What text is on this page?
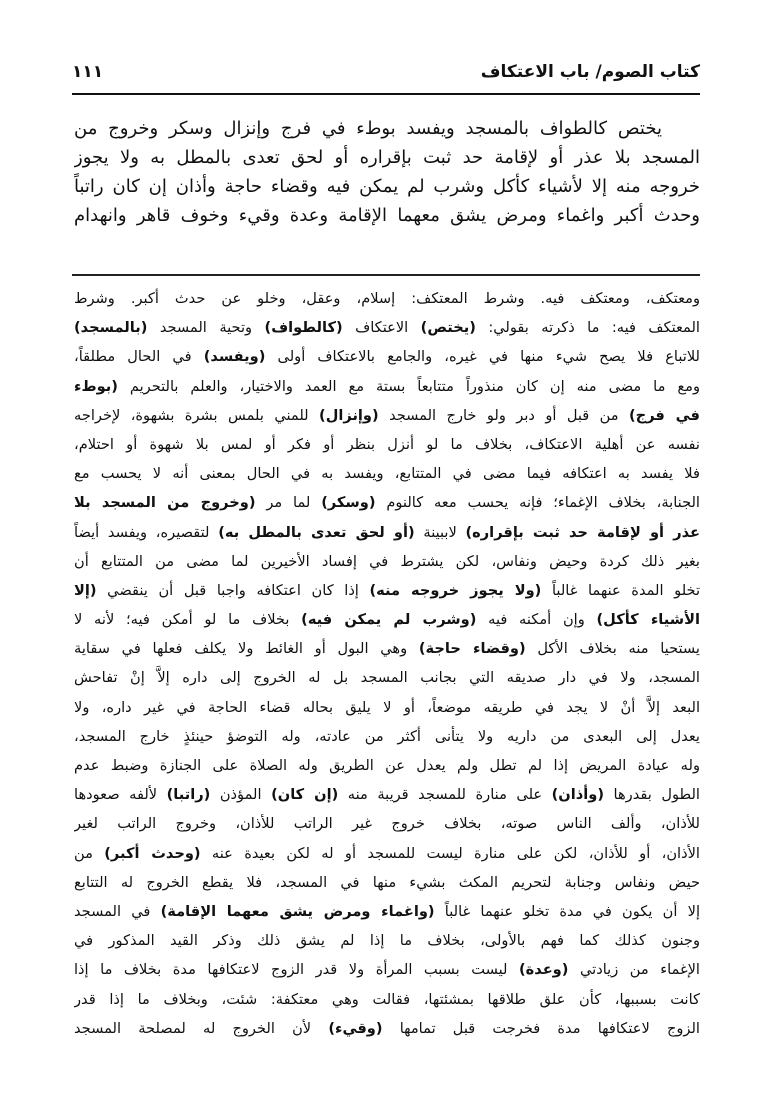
كتاب الصوم/ باب الاعتكاف
١١١
يختص كالطواف بالمسجد ويفسد بوطء في فرج وإنزال وسكر وخروج من
المسجد بلا عذر أو لإقامة حد ثبت بإقراره أو لحق تعدى بالمطل به ولا يجوز
خروجه منه إلا لأشياء كأكل وشرب لم يمكن فيه وقضاء حاجة وأذان إن كان راتباً
وحدث أكبر واغماء ومرض يشق معهما الإقامة وعدة وقيء وخوف قاهر وانهدام
ومعتكف، ومعتكف فيه. وشرط المعتكف: إسلام، وعقل، وخلو عن حدث أكبر. وشرط
المعتكف فيه: ما ذكرته بقولي: (يختص) الاعتكاف (كالطواف) وتحية المسجد (بالمسجد)
للاتباع فلا يصح شيء منها في غيره، والجامع بالاعتكاف أولى (ويفسد) في الحال مطلقاً،
ومع ما مضى منه إن كان منذوراً متتابعاً بستة مع العمد والاختيار، والعلم بالتحريم (بوطء
في فرج) من قبل أو دبر ولو خارج المسجد (وإنزال) للمني بلمس بشرة بشهوة، لإخراجه
نفسه عن أهلية الاعتكاف، بخلاف ما لو أنزل بنظر أو فكر أو لمس بلا شهوة أو احتلام،
فلا يفسد به اعتكافه فيما مضى في المتتابع، ويفسد به في الحال بمعنى أنه لا يحسب مع
الجنابة، بخلاف الإغماء؛ فإنه يحسب معه كالنوم (وسكر) لما مر (وخروج من المسجد بلا
عذر أو لإقامة حد ثبت بإقراره) لاببينة (أو لحق تعدى بالمطل به) لتقصيره، ويفسد أيضاً
بغير ذلك كردة وحيض ونفاس، لكن يشترط في إفساد الأخيرين لما مضى من المتتابع أن
تخلو المدة عنهما غالباً (ولا يجوز خروجه منه) إذا كان اعتكافه واجبا قبل أن ينقضي (إلا
الأشياء كأكل) وإن أمكنه فيه (وشرب لم يمكن فيه) بخلاف ما لو أمكن فيه؛ لأنه لا
يستحيا منه بخلاف الأكل (وقضاء حاجة) وهي البول أو الغائط ولا يكلف فعلها في سقاية
المسجد، ولا في دار صديقه التي بجانب المسجد بل له الخروج إلى داره إلاَّ إنْ تفاحش
البعد إلاَّ أنْ لا يجد في طريقه موضعاً، أو لا يليق بحاله قضاء الحاجة في غير داره، ولا
يعدل إلى البعدى من داريه ولا يتأنى أكثر من عادته، وله التوضؤ حينئذٍ خارج المسجد،
وله عيادة المريض إذا لم تطل ولم يعدل عن الطريق وله الصلاة على الجنازة وضبط عدم
الطول بقدرها (وأذان) على منارة للمسجد قريبة منه (إن كان) المؤذن (راتبا) لألفه صعودها
للأذان، وألف الناس صوته، بخلاف خروج غير الراتب للأذان، وخروج الراتب لغير
الأذان، أو للأذان، لكن على منارة ليست للمسجد أو له لكن بعيدة عنه (وحدث أكبر) من
حيض ونفاس وجنابة لتحريم المكث بشيء منها في المسجد، فلا يقطع الخروج له التتابع
إلا أن يكون في مدة تخلو عنهما غالباً (واغماء ومرض يشق معهما الإقامة) في المسجد
وجنون كذلك كما فهم بالأولى، بخلاف ما إذا لم يشق ذلك وذكر القيد المذكور في
الإغماء من زيادتي (وعدة) ليست بسبب المرأة ولا قدر الزوج لاعتكافها مدة بخلاف ما إذا
كانت بسببها، كأن علق طلاقها بمشئتها، فقالت وهي معتكفة: شئت، وبخلاف ما إذا قدر
الزوج لاعتكافها مدة فخرجت قبل تمامها (وقيء) لأن الخروج له لمصلحة المسجد
